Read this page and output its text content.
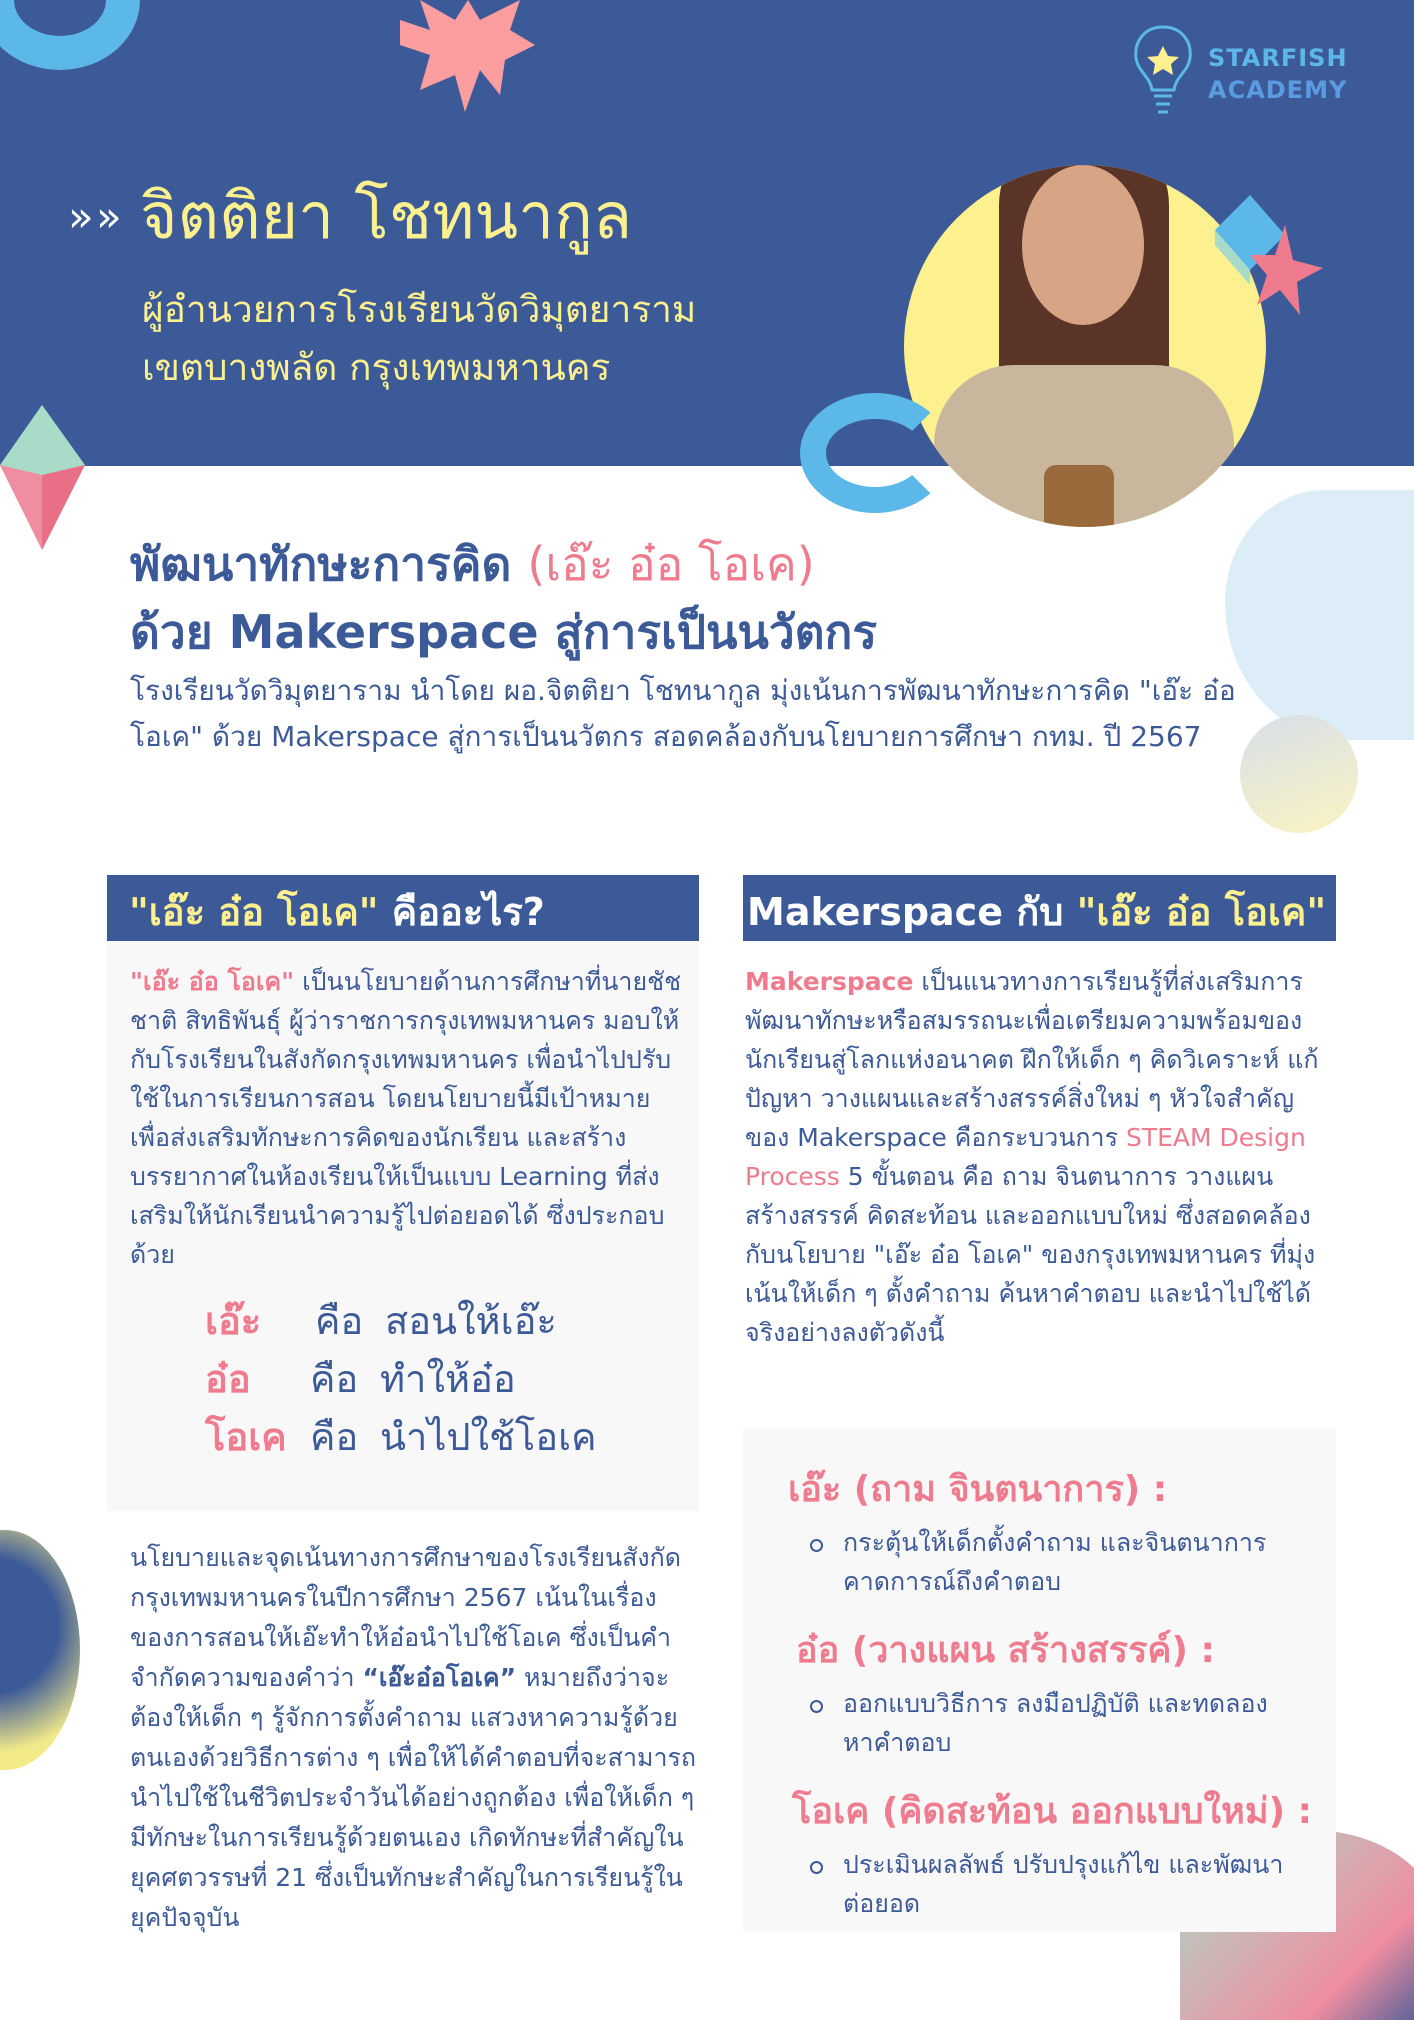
» » จิตติยา โชทนากูล
ผู้อำนวยการโรงเรียนวัดวิมุตยาราม
เขตบางพลัด กรุงเทพมหานคร
STARFISH
ACADEMY
พัฒนาทักษะการคิด (เอ๊ะ อ๋อ โอเค)
ด้วย Makerspace สู่การเป็นนวัตกร

โรงเรียนวัดวิมุตยาราม นำโดย ผอ.จิตติยา โชทนากูล มุ่งเน้นการพัฒนาทักษะการคิด "เอ๊ะ อ๋อ โอเค" ด้วย Makerspace สู่การเป็นนวัตกร สอดคล้องกับนโยบายการศึกษา กทม. ปี 2567

"เอ๊ะ อ๋อ โอเค" คืออะไร?

"เอ๊ะ อ๋อ โอเค" เป็นนโยบายด้านการศึกษาที่นายชัชชาติ สิทธิพันธุ์ ผู้ว่าราชการกรุงเทพมหานคร มอบให้กับโรงเรียนในสังกัดกรุงเทพมหานคร เพื่อนำไปปรับใช้ในการเรียนการสอน โดยนโยบายนี้มีเป้าหมายเพื่อส่งเสริมทักษะการคิดของนักเรียน และสร้างบรรยากาศในห้องเรียนให้เป็นแบบ Learning ที่ส่งเสริมให้นักเรียนนำความรู้ไปต่อยอดได้ ซึ่งประกอบด้วย

เอ๊ะ คือ สอนให้เอ๊ะ
อ๋อ คือ ทำให้อ๋อ
โอเค คือ นำไปใช้โอเค

นโยบายและจุดเน้นทางการศึกษาของโรงเรียนสังกัดกรุงเทพมหานครในปีการศึกษา 2567 เน้นในเรื่องของการสอนให้เอ๊ะทำให้อ๋อนำไปใช้โอเค ซึ่งเป็นคำจำกัดความของคำว่า “เอ๊ะอ๋อโอเค” หมายถึงว่าจะต้องให้เด็ก ๆ รู้จักการตั้งคำถาม แสวงหาความรู้ด้วยตนเองด้วยวิธีการต่าง ๆ เพื่อให้ได้คำตอบที่จะสามารถนำไปใช้ในชีวิตประจำวันได้อย่างถูกต้อง เพื่อให้เด็ก ๆ มีทักษะในการเรียนรู้ด้วยตนเอง เกิดทักษะที่สำคัญในยุคศตวรรษที่ 21 ซึ่งเป็นทักษะสำคัญในการเรียนรู้ในยุคปัจจุบัน

Makerspace กับ "เอ๊ะ อ๋อ โอเค"

Makerspace เป็นแนวทางการเรียนรู้ที่ส่งเสริมการพัฒนาทักษะหรือสมรรถนะเพื่อเตรียมความพร้อมของนักเรียนสู่โลกแห่งอนาคต ฝึกให้เด็ก ๆ คิดวิเคราะห์ แก้ปัญหา วางแผนและสร้างสรรค์สิ่งใหม่ ๆ หัวใจสำคัญของ Makerspace คือกระบวนการ STEAM Design Process 5 ขั้นตอน คือ ถาม จินตนาการ วางแผน สร้างสรรค์ คิดสะท้อน และออกแบบใหม่ ซึ่งสอดคล้องกับนโยบาย "เอ๊ะ อ๋อ โอเค" ของกรุงเทพมหานคร ที่มุ่งเน้นให้เด็ก ๆ ตั้งคำถาม ค้นหาคำตอบ และนำไปใช้ได้จริงอย่างลงตัวดังนี้

เอ๊ะ (ถาม จินตนาการ) :
กระตุ้นให้เด็กตั้งคำถาม และจินตนาการคาดการณ์ถึงคำตอบ
อ๋อ (วางแผน สร้างสรรค์) :
ออกแบบวิธีการ ลงมือปฏิบัติ และทดลองหาคำตอบ
โอเค (คิดสะท้อน ออกแบบใหม่) :
ประเมินผลลัพธ์ ปรับปรุงแก้ไข และพัฒนาต่อยอด
